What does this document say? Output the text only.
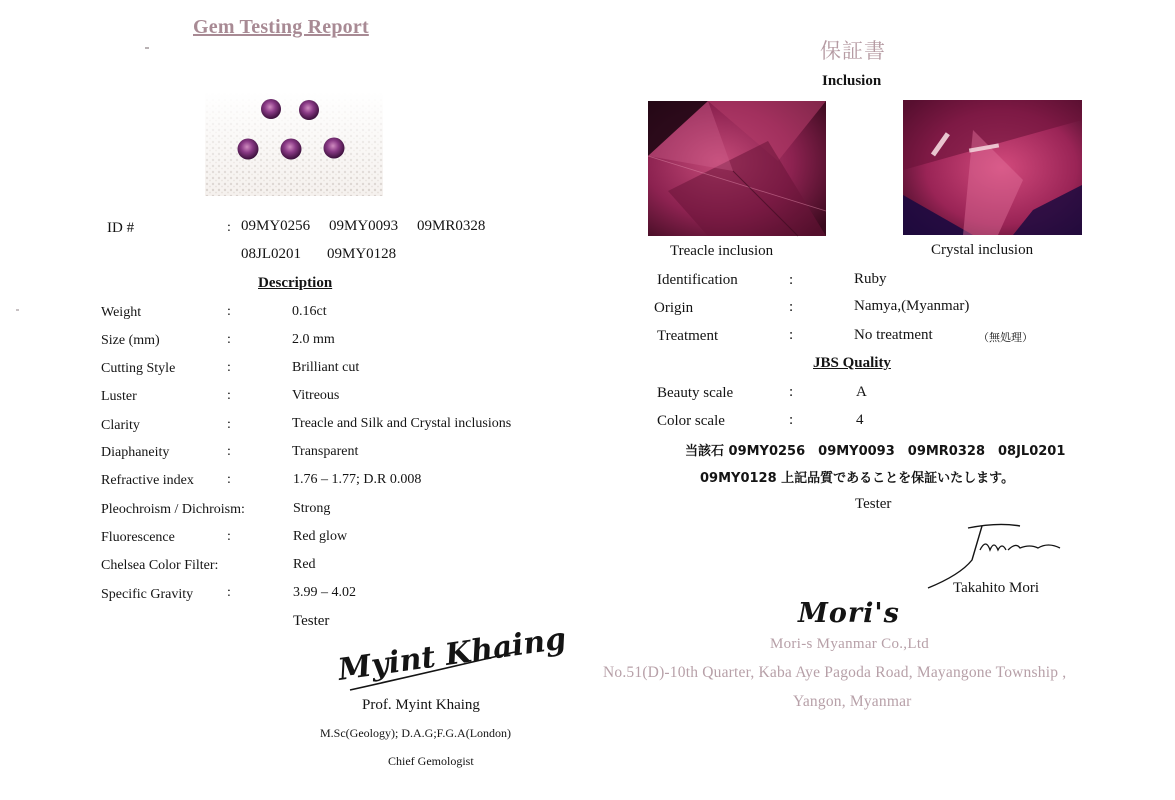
Gem Testing Report
ID #	: 09MY0256 09MY0093 09MR0328
08JL0201 09MY0128
Description
Weight	:	0.16ct
Size (mm)	:	2.0 mm
Cutting Style	:	Brilliant cut
Luster	:	Vitreous
Clarity	:	Treacle and Silk and Crystal inclusions
Diaphaneity	:	Transparent
Refractive index :	1.76 – 1.77; D.R 0.008
Pleochroism / Dichroism:	Strong
Fluorescence	:	Red glow
Chelsea Color Filter:	Red
Specific Gravity :	3.99 – 4.02
Tester
Myint Khaing
Prof. Myint Khaing
M.Sc(Geology); D.A.G;F.G.A(London)
Chief Gemologist
保証書
Inclusion
Treacle inclusion	Crystal inclusion
Identification	:	Ruby
Origin	:	Namya,(Myanmar)
Treatment	:	No treatment	（無処理）
JBS Quality
Beauty scale	:	A
Color scale	:	4
当該石 09MY0256　09MY0093　09MR0328　08JL0201
09MY0128 上記品質であることを保証いたします。
Tester
Takahito Mori
Mori's
Mori-s Myanmar Co.,Ltd
No.51(D)-10th Quarter, Kaba Aye Pagoda Road, Mayangone Township ,
Yangon, Myanmar
